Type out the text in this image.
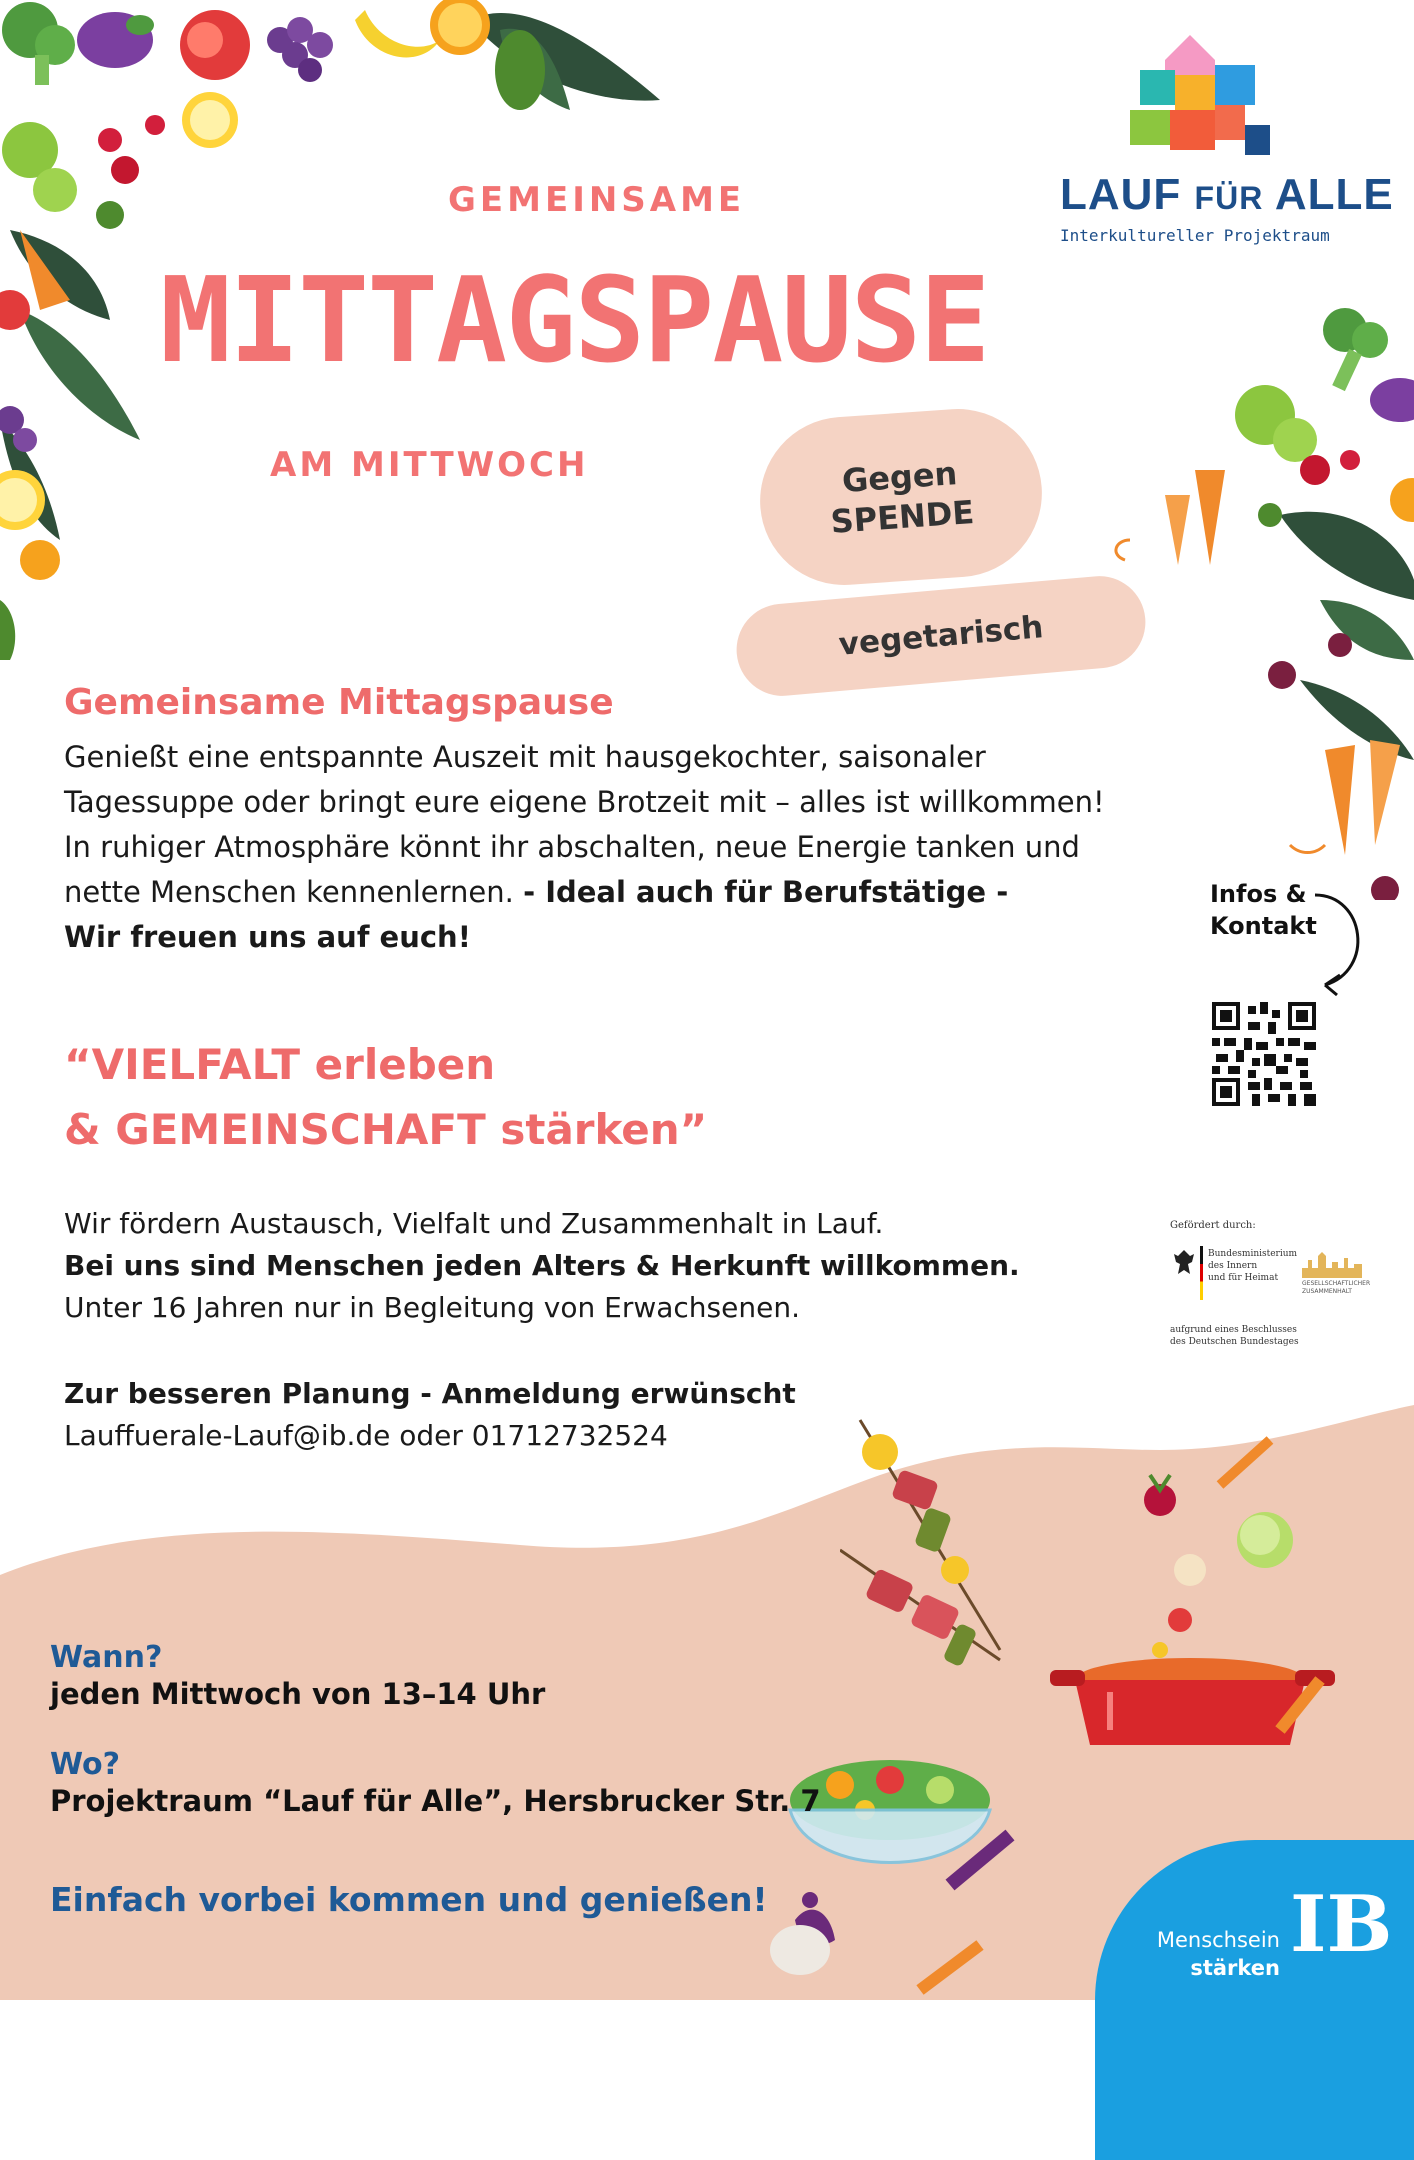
GEMEINSAME
MITTAGSPAUSE
AM MITTWOCH
LAUF FÜR ALLE
Interkultureller Projektraum
Gegen
SPENDE
vegetarisch
Gemeinsame Mittagspause
Genießt eine entspannte Auszeit mit hausgekochter, saisonaler
Tagessuppe oder bringt eure eigene Brotzeit mit – alles ist willkommen!
In ruhiger Atmosphäre könnt ihr abschalten, neue Energie tanken und
nette Menschen kennenlernen. - Ideal auch für Berufstätige -
Wir freuen uns auf euch!
Infos &
Kontakt
“VIELFALT erleben
& GEMEINSCHAFT stärken”
Wir fördern Austausch, Vielfalt und Zusammenhalt in Lauf.
Bei uns sind Menschen jeden Alters & Herkunft willkommen.
Unter 16 Jahren nur in Begleitung von Erwachsenen.
Zur besseren Planung - Anmeldung erwünscht
Lauffuerale-Lauf@ib.de oder 01712732524
Gefördert durch:
Bundesministerium
des Innern
und für Heimat
GESELLSCHAFTLICHER
ZUSAMMENHALT
aufgrund eines Beschlusses
des Deutschen Bundestages
Wann?
jeden Mittwoch von 13–14 Uhr
Wo?
Projektraum “Lauf für Alle”, Hersbrucker Str. 7
Einfach vorbei kommen und genießen!
Menschsein
stärken IB
